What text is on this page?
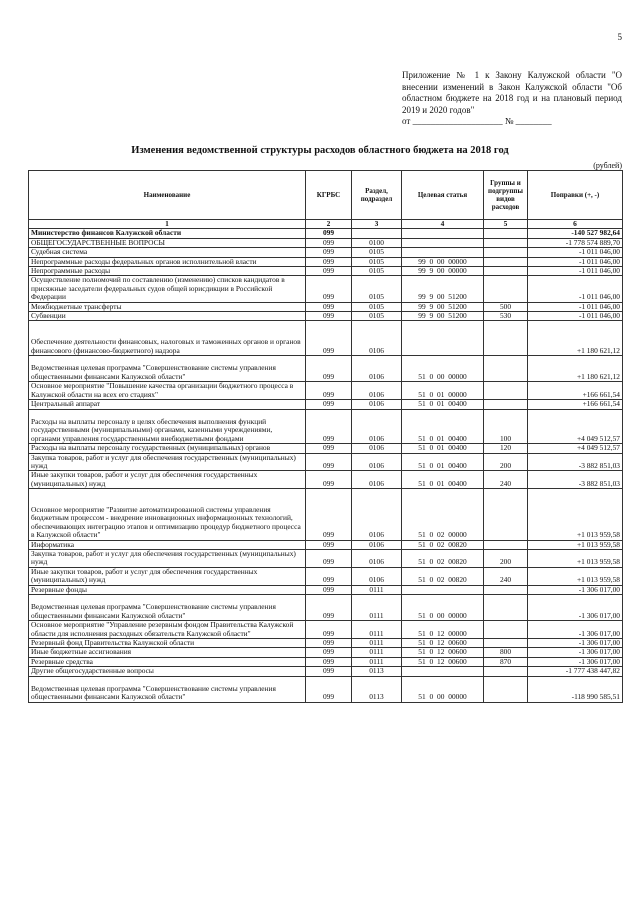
5
Приложение № 1 к Закону Калужской области "О внесении изменений в Закон Калужской области "Об областном бюджете на 2018 год и на плановый период 2019 и 2020 годов"
от ____________________ № ________
Изменения ведомственной структуры расходов областного бюджета на 2018 год
(рублей)
Наименование	КГРБС	Раздел, подраздел	Целевая статья	Группы и подгруппы видов расходов	Поправки (+, -)
1	2	3	4	5	6
Министерство финансов Калужской области	099				-140 527 982,64
ОБЩЕГОСУДАРСТВЕННЫЕ ВОПРОСЫ	099	0100			-1 778 574 889,70
Судебная система	099	0105			-1 011 046,00
Непрограммные расходы федеральных органов исполнительной власти	099	0105	99 0 00 00000		-1 011 046,00
Непрограммные расходы	099	0105	99 9 00 00000		-1 011 046,00
Осуществление полномочий по составлению (изменению) списков кандидатов в присяжные заседатели федеральных судов общей юрисдикции в Российской Федерации	099	0105	99 9 00 51200		-1 011 046,00
Межбюджетные трансферты	099	0105	99 9 00 51200	500	-1 011 046,00
Субвенции	099	0105	99 9 00 51200	530	-1 011 046,00
Обеспечение деятельности финансовых, налоговых и таможенных органов и органов финансового (финансово-бюджетного) надзора	099	0106			+1 180 621,12
Ведомственная целевая программа "Совершенствование системы управления общественными финансами Калужской области"	099	0106	51 0 00 00000		+1 180 621,12
Основное мероприятие "Повышение качества организации бюджетного процесса в Калужской области на всех его стадиях"	099	0106	51 0 01 00000		+166 661,54
Центральный аппарат	099	0106	51 0 01 00400		+166 661,54
Расходы на выплаты персоналу в целях обеспечения выполнения функций государственными (муниципальными) органами, казенными учреждениями, органами управления государственными внебюджетными фондами	099	0106	51 0 01 00400	100	+4 049 512,57
Расходы на выплаты персоналу государственных (муниципальных) органов	099	0106	51 0 01 00400	120	+4 049 512,57
Закупка товаров, работ и услуг для обеспечения государственных (муниципальных) нужд	099	0106	51 0 01 00400	200	-3 882 851,03
Иные закупки товаров, работ и услуг для обеспечения государственных (муниципальных) нужд	099	0106	51 0 01 00400	240	-3 882 851,03
Основное мероприятие "Развитие автоматизированной системы управления бюджетным процессом - внедрение инновационных информационных технологий, обеспечивающих интеграцию этапов и оптимизацию процедур бюджетного процесса в Калужской области"	099	0106	51 0 02 00000		+1 013 959,58
Информатика	099	0106	51 0 02 00820		+1 013 959,58
Закупка товаров, работ и услуг для обеспечения государственных (муниципальных) нужд	099	0106	51 0 02 00820	200	+1 013 959,58
Иные закупки товаров, работ и услуг для обеспечения государственных (муниципальных) нужд	099	0106	51 0 02 00820	240	+1 013 959,58
Резервные фонды	099	0111			-1 306 017,00
Ведомственная целевая программа "Совершенствование системы управления общественными финансами Калужской области"	099	0111	51 0 00 00000		-1 306 017,00
Основное мероприятие "Управление резервным фондом Правительства Калужской области для исполнения расходных обязательств Калужской области"	099	0111	51 0 12 00000		-1 306 017,00
Резервный фонд Правительства Калужской области	099	0111	51 0 12 00600		-1 306 017,00
Иные бюджетные ассигнования	099	0111	51 0 12 00600	800	-1 306 017,00
Резервные средства	099	0111	51 0 12 00600	870	-1 306 017,00
Другие общегосударственные вопросы	099	0113			-1 777 438 447,82
Ведомственная целевая программа "Совершенствование системы управления общественными финансами Калужской области"	099	0113	51 0 00 00000		-118 990 585,51
